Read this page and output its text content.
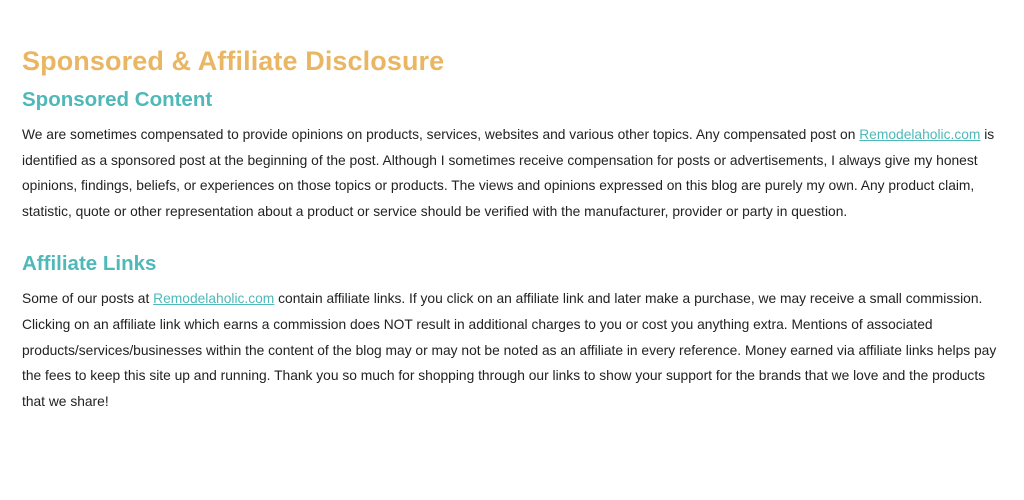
Sponsored & Affiliate Disclosure
Sponsored Content

We are sometimes compensated to provide opinions on products, services, websites and various other topics. Any compensated post on Remodelaholic.com is identified as a sponsored post at the beginning of the post. Although I sometimes receive compensation for posts or advertisements, I always give my honest opinions, findings, beliefs, or experiences on those topics or products. The views and opinions expressed on this blog are purely my own. Any product claim, statistic, quote or other representation about a product or service should be verified with the manufacturer, provider or party in question.

Affiliate Links

Some of our posts at Remodelaholic.com contain affiliate links. If you click on an affiliate link and later make a purchase, we may receive a small commission. Clicking on an affiliate link which earns a commission does NOT result in additional charges to you or cost you anything extra. Mentions of associated products/services/businesses within the content of the blog may or may not be noted as an affiliate in every reference. Money earned via affiliate links helps pay the fees to keep this site up and running. Thank you so much for shopping through our links to show your support for the brands that we love and the products that we share!
